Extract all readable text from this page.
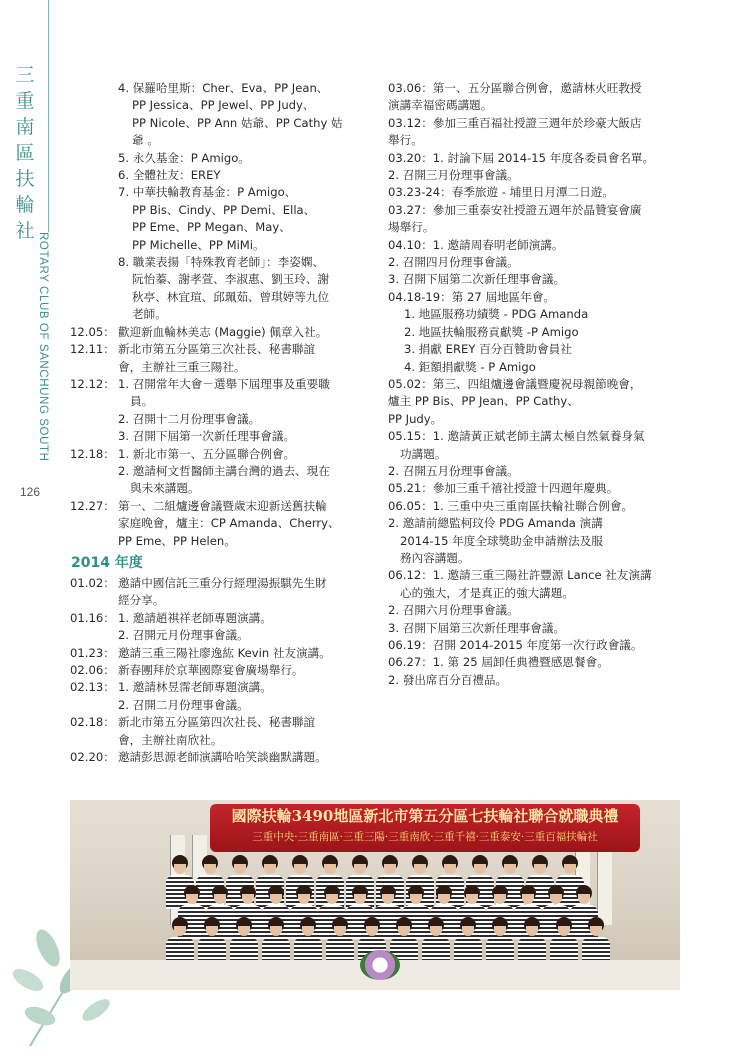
三
重
南
區
扶
輪
社
ROTARY CLUB OF SANCHUNG SOUTH
126
4. 保羅哈里斯：Cher、Eva、PP Jean、
PP Jessica、PP Jewel、PP Judy、
PP Nicole、PP Ann 姑爺、PP Cathy 姑
爺 。
5. 永久基金：P Amigo。
6. 全體社友：EREY
7. 中華扶輪教育基金：P Amigo、
PP Bis、Cindy、PP Demi、Ella、
PP Eme、PP Megan、May、
PP Michelle、PP MiMi。
8. 職業表揚「特殊教育老師」：李姿嫻、
阮怡蓁、謝孝萱、李淑惠、劉玉玲、謝
秋亭、林宜瑄、邱珮茹、曾琪婷等九位
老師。
12.05： 歡迎新血輪林美志 (Maggie) 佩章入社。
12.11： 新北市第五分區第三次社長、秘書聯誼
會，主辦社三重三陽社。
12.12： 1. 召開常年大會－選舉下屆理事及重要職
員。
2. 召開十二月份理事會議。
3. 召開下屆第一次新任理事會議。
12.18： 1. 新北市第一、五分區聯合例會。
2. 邀請柯文哲醫師主講台灣的過去、現在
與未來講題。
12.27： 第一、二組爐邊會議暨歲末迎新送舊扶輪
家庭晚會，爐主：CP Amanda、Cherry、
PP Eme、PP Helen。
2014 年度
01.02： 邀請中國信託三重分行經理湯振騏先生財
經分享。
01.16： 1. 邀請趙祺祥老師專題演講。
2. 召開元月份理事會議。
01.23： 邀請三重三陽社廖逸紘 Kevin 社友演講。
02.06： 新春團拜於京華國際宴會廣場舉行。
02.13： 1. 邀請林昱霈老師專題演講。
2. 召開二月份理事會議。
02.18： 新北市第五分區第四次社長、秘書聯誼
會，主辦社南欣社。
02.20： 邀請彭思源老師演講哈哈笑談幽默講題。
03.06： 第一、五分區聯合例會，邀請林火旺教授
演講幸福密碼講題。
03.12： 參加三重百福社授證三週年於珍豪大飯店
舉行。
03.20： 1. 討論下屆 2014-15 年度各委員會名單。
2. 召開三月份理事會議。
03.23-24： 春季旅遊 - 埔里日月潭二日遊。
03.27： 參加三重泰安社授證五週年於晶贊宴會廣
場舉行。
04.10： 1. 邀請周春明老師演講。
2. 召開四月份理事會議。
3. 召開下屆第二次新任理事會議。
04.18-19： 第 27 屆地區年會。
1. 地區服務功績獎 - PDG Amanda
2. 地區扶輪服務貢獻獎 -P Amigo
3. 捐獻 EREY 百分百贊助會員社
4. 鉅額捐獻獎 - P Amigo
05.02： 第三、四組爐邊會議暨慶祝母親節晚會，
爐主 PP Bis、PP Jean、PP Cathy、
PP Judy。
05.15： 1. 邀請黃正斌老師主講太極自然氣養身氣
功講題。
2. 召開五月份理事會議。
05.21： 參加三重千禧社授證十四週年慶典。
06.05： 1. 三重中央三重南區扶輪社聯合例會。
2. 邀請前總監柯玟伶 PDG Amanda 演講
2014-15 年度全球獎助金申請辦法及服
務內容講題。
06.12： 1. 邀請三重三陽社許豐源 Lance 社友演講
心的強大，才是真正的強大講題。
2. 召開六月份理事會議。
3. 召開下屆第三次新任理事會議。
06.19： 召開 2014-2015 年度第一次行政會議。
06.27： 1. 第 25 屆卸任典禮暨感恩餐會。
2. 發出席百分百禮品。
國際扶輪3490地區新北市第五分區七扶輪社聯合就職典禮
三重中央·三重南區·三重三陽·三重南欣·三重千禧·三重泰安·三重百福扶輪社
